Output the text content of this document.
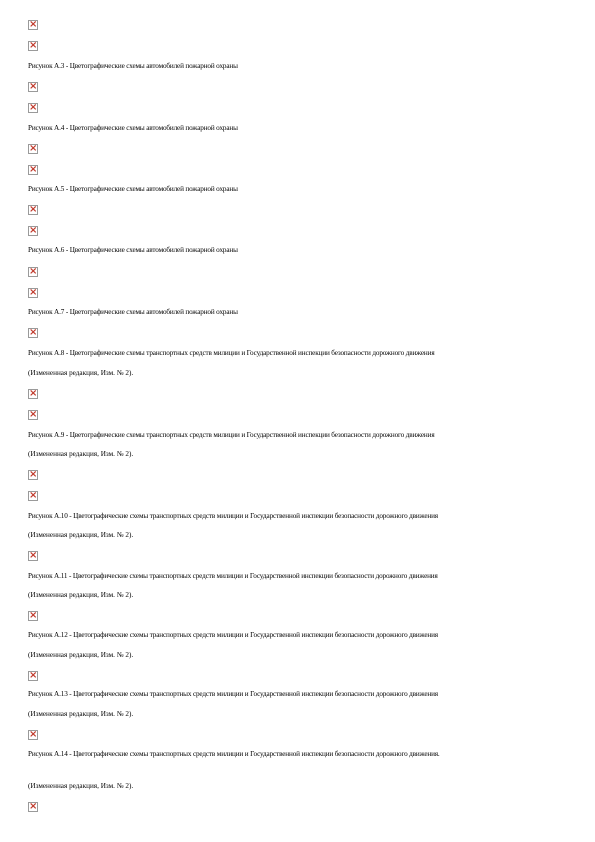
×
×
Рисунок А.3 - Цветографические схемы автомобилей пожарной охраны
×
×
Рисунок А.4 - Цветографические схемы автомобилей пожарной охраны
×
×
Рисунок А.5 - Цветографические схемы автомобилей пожарной охраны
×
×
Рисунок А.6 - Цветографические схемы автомобилей пожарной охраны
×
×
Рисунок А.7 - Цветографические схемы автомобилей пожарной охраны
×
Рисунок А.8 - Цветографические схемы транспортных средств милиции и Государственной инспекции безопасности дорожного движения
(Измененная редакция, Изм. № 2).
×
×
Рисунок А.9 - Цветографические схемы транспортных средств милиции и Государственной инспекции безопасности дорожного движения
(Измененная редакция, Изм. № 2).
×
×
Рисунок А.10 - Цветографические схемы транспортных средств милиции и Государственной инспекции безопасности дорожного движения
(Измененная редакция, Изм. № 2).
×
Рисунок А.11 - Цветографические схемы транспортных средств милиции и Государственной инспекции безопасности дорожного движения
(Измененная редакция, Изм. № 2).
×
Рисунок А.12 - Цветографические схемы транспортных средств милиции и Государственной инспекции безопасности дорожного движения
(Измененная редакция, Изм. № 2).
×
Рисунок А.13 - Цветографические схемы транспортных средств милиции и Государственной инспекции безопасности дорожного движения
(Измененная редакция, Изм. № 2).
×
Рисунок А.14 - Цветографические схемы транспортных средств милиции и Государственной инспекции безопасности дорожного движения.
(Измененная редакция, Изм. № 2).
×
